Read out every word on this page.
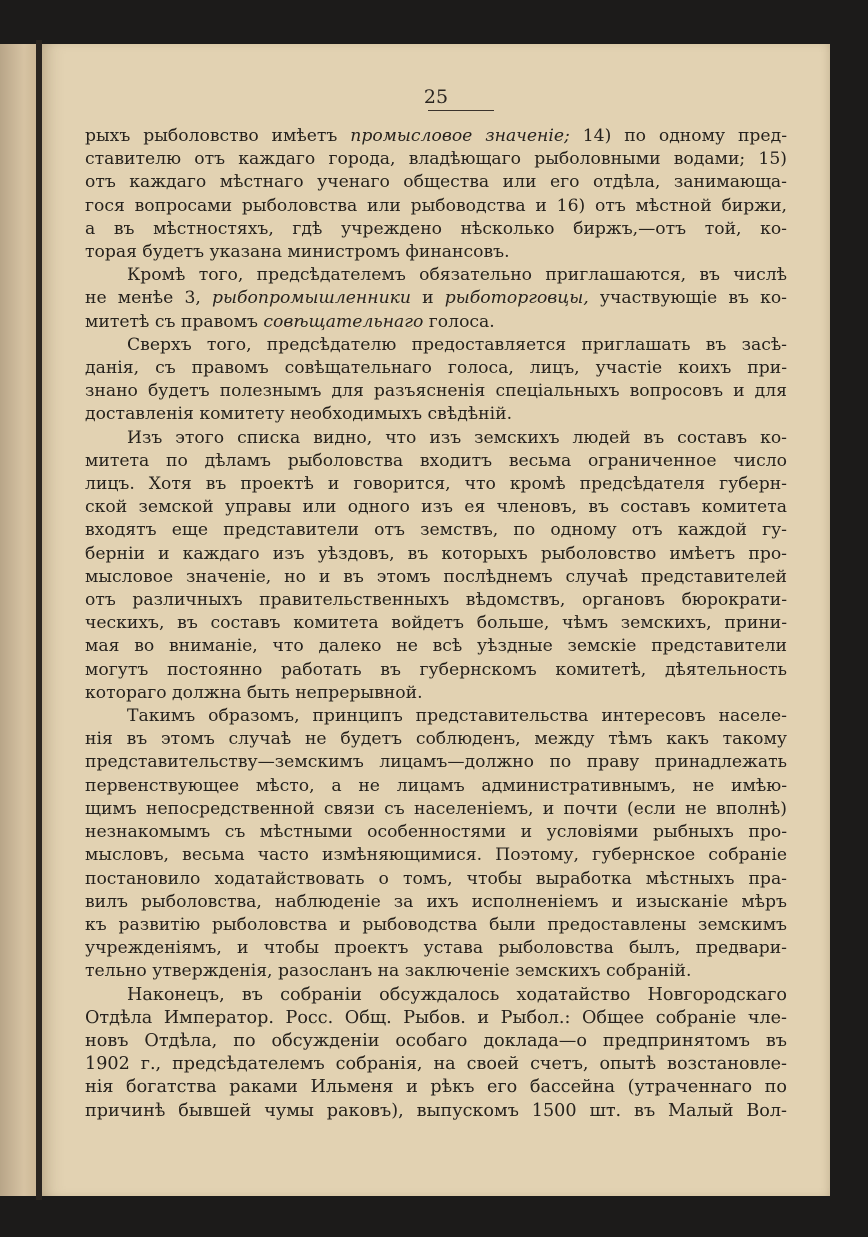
25

рыхъ рыболовство имѣетъ промысловое значеніе; 14) по одному пред-
ставителю отъ каждаго города, владѣющаго рыболовными водами; 15)
отъ каждаго мѣстнаго ученаго общества или его отдѣла, занимающа-
гося вопросами рыболовства или рыбоводства и 16) отъ мѣстной биржи,
а въ мѣстностяхъ, гдѣ учреждено нѣсколько биржъ,—отъ той, ко-
торая будетъ указана министромъ финансовъ.
Кромѣ того, предсѣдателемъ обязательно приглашаются, въ числѣ
не менѣе 3, рыбопромышленники и рыботорговцы, участвующіе въ ко-
митетѣ съ правомъ совѣщательнаго голоса.
Сверхъ того, предсѣдателю предоставляется приглашать въ засѣ-
данія, съ правомъ совѣщательнаго голоса, лицъ, участіе коихъ при-
знано будетъ полезнымъ для разъясненія спеціальныхъ вопросовъ и для
доставленія комитету необходимыхъ свѣдѣній.
Изъ этого списка видно, что изъ земскихъ людей въ составъ ко-
митета по дѣламъ рыболовства входитъ весьма ограниченное число
лицъ. Хотя въ проектѣ и говорится, что кромѣ предсѣдателя губерн-
ской земской управы или одного изъ ея членовъ, въ составъ комитета
входятъ еще представители отъ земствъ, по одному отъ каждой гу-
берніи и каждаго изъ уѣздовъ, въ которыхъ рыболовство имѣетъ про-
мысловое значеніе, но и въ этомъ послѣднемъ случаѣ представителей
отъ различныхъ правительственныхъ вѣдомствъ, органовъ бюрократи-
ческихъ, въ составъ комитета войдетъ больше, чѣмъ земскихъ, прини-
мая во вниманіе, что далеко не всѣ уѣздные земскіе представители
могутъ постоянно работать въ губернскомъ комитетѣ, дѣятельность
котораго должна быть непрерывной.
Такимъ образомъ, принципъ представительства интересовъ населе-
нія въ этомъ случаѣ не будетъ соблюденъ, между тѣмъ какъ такому
представительству—земскимъ лицамъ—должно по праву принадлежать
первенствующее мѣсто, а не лицамъ административнымъ, не имѣю-
щимъ непосредственной связи съ населеніемъ, и почти (если не вполнѣ)
незнакомымъ съ мѣстными особенностями и условіями рыбныхъ про-
мысловъ, весьма часто измѣняющимися. Поэтому, губернское собраніе
постановило ходатайствовать о томъ, чтобы выработка мѣстныхъ пра-
вилъ рыболовства, наблюденіе за ихъ исполненіемъ и изысканіе мѣръ
къ развитію рыболовства и рыбоводства были предоставлены земскимъ
учрежденіямъ, и чтобы проектъ устава рыболовства былъ, предвари-
тельно утвержденія, разосланъ на заключеніе земскихъ собраній.
Наконецъ, въ собраніи обсуждалось ходатайство Новгородскаго
Отдѣла Император. Росс. Общ. Рыбов. и Рыбол.: Общее собраніе чле-
новъ Отдѣла, по обсужденіи особаго доклада—о предпринятомъ въ
1902 г., предсѣдателемъ собранія, на своей счетъ, опытѣ возстановле-
нія богатства раками Ильменя и рѣкъ его бассейна (утраченнаго по
причинѣ бывшей чумы раковъ), выпускомъ 1500 шт. въ Малый Вол-
